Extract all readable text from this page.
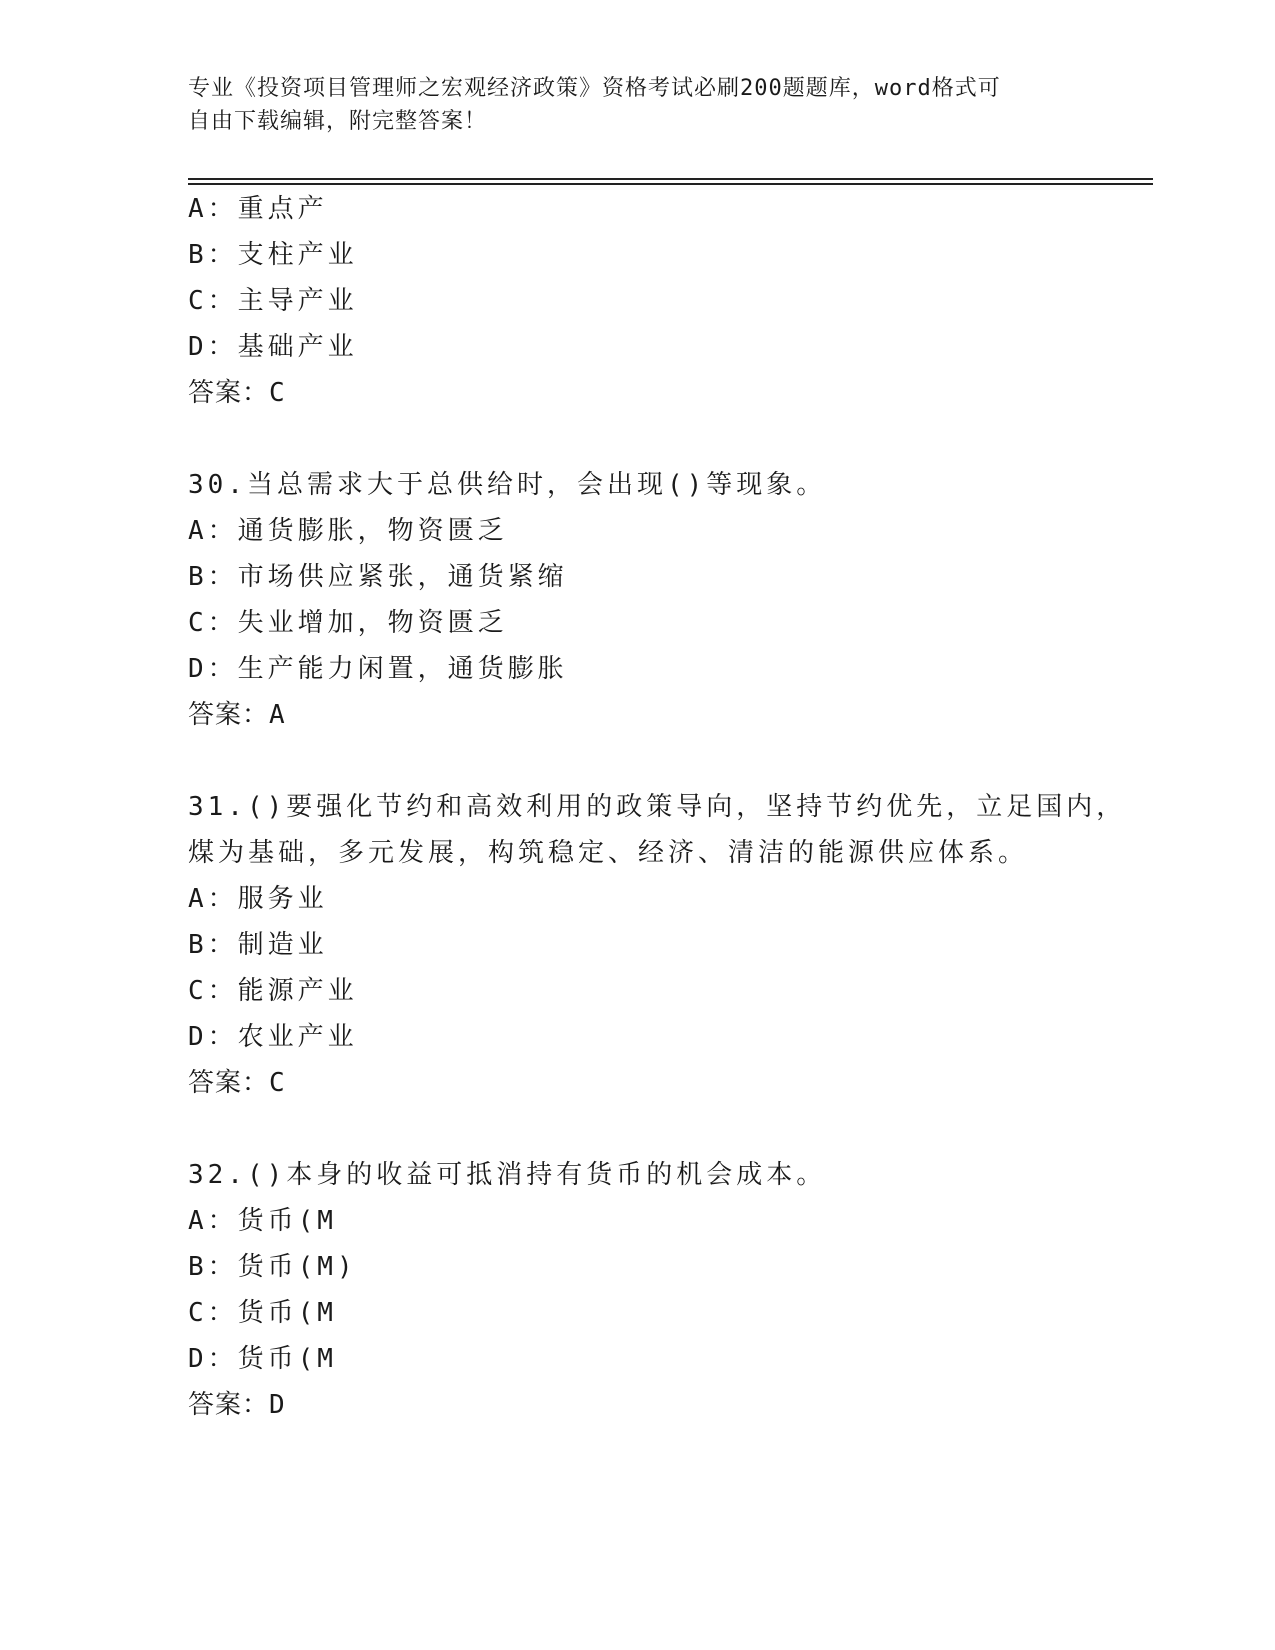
专业《投资项目管理师之宏观经济政策》资格考试必刷200题题库，word格式可
自由下载编辑，附完整答案！
A：重点产
B：支柱产业
C：主导产业
D：基础产业
答案：C
30.当总需求大于总供给时，会出现()等现象。
A：通货膨胀，物资匮乏
B：市场供应紧张，通货紧缩
C：失业增加，物资匮乏
D：生产能力闲置，通货膨胀
答案：A
31.()要强化节约和高效利用的政策导向，坚持节约优先，立足国内，
煤为基础，多元发展，构筑稳定、经济、清洁的能源供应体系。
A：服务业
B：制造业
C：能源产业
D：农业产业
答案：C
32.()本身的收益可抵消持有货币的机会成本。
A：货币(M
B：货币(M)
C：货币(M
D：货币(M
答案：D
